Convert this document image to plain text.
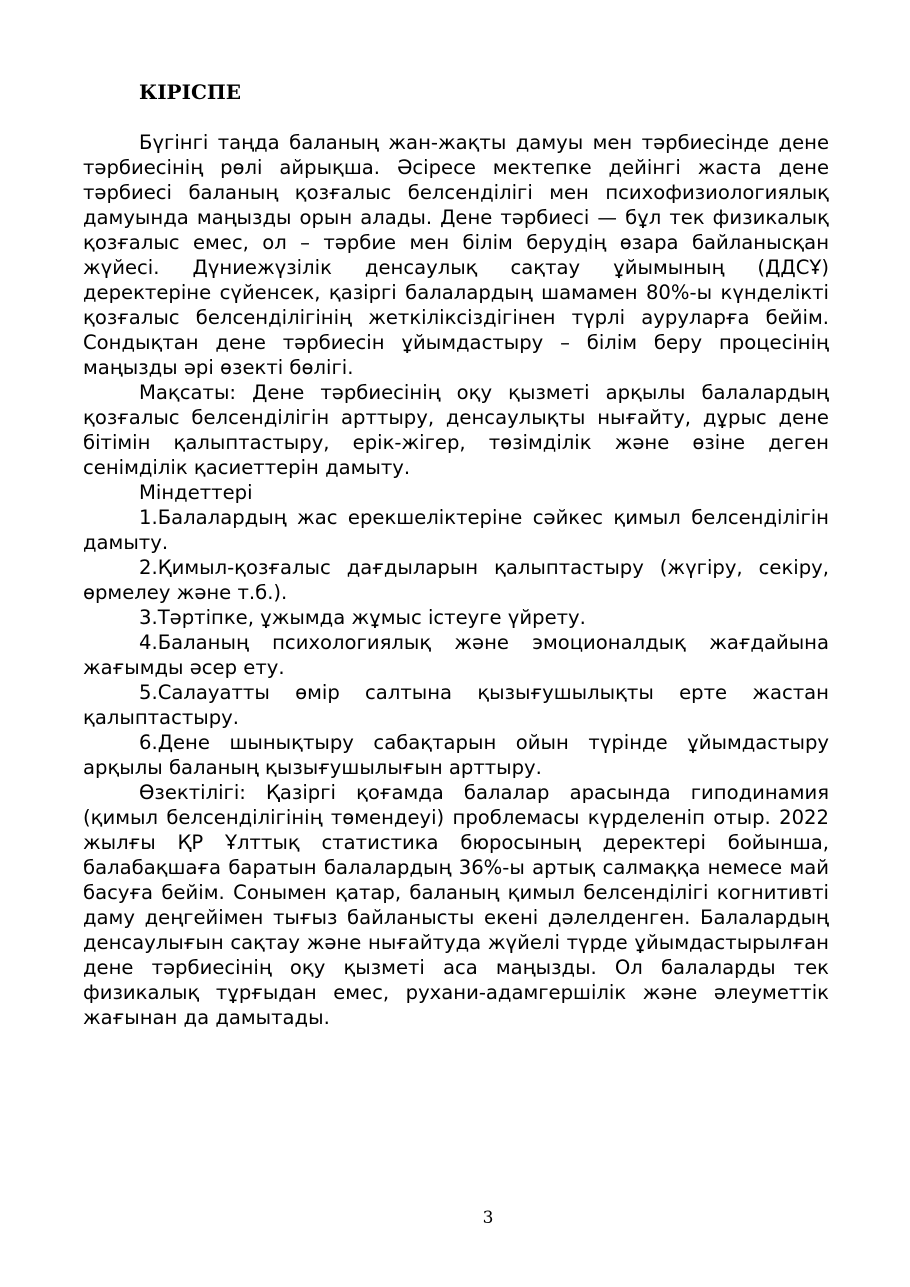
КІРІСПЕ

Бүгінгі таңда баланың жан-жақты дамуы мен тәрбиесінде дене тәрбиесінің рөлі айрықша. Әсіресе мектепке дейінгі жаста дене тәрбиесі баланың қозғалыс белсенділігі мен психофизиологиялық дамуында маңызды орын алады. Дене тәрбиесі — бұл тек физикалық қозғалыс емес, ол – тәрбие мен білім берудің өзара байланысқан жүйесі. Дүниежүзілік денсаулық сақтау ұйымының (ДДСҰ) деректеріне сүйенсек, қазіргі балалардың шамамен 80%-ы күнделікті қозғалыс белсенділігінің жеткіліксіздігінен түрлі ауруларға бейім. Сондықтан дене тәрбиесін ұйымдастыру – білім беру процесінің маңызды әрі өзекті бөлігі.

Мақсаты: Дене тәрбиесінің оқу қызметі арқылы балалардың қозғалыс белсенділігін арттыру, денсаулықты нығайту, дұрыс дене бітімін қалыптастыру, ерік-жігер, төзімділік және өзіне деген сенімділік қасиеттерін дамыту.

Міндеттері

1.Балалардың жас ерекшеліктеріне сәйкес қимыл белсенділігін дамыту.

2.Қимыл-қозғалыс дағдыларын қалыптастыру (жүгіру, секіру, өрмелеу және т.б.).

3.Тәртіпке, ұжымда жұмыс істеуге үйрету.

4.Баланың психологиялық және эмоционалдық жағдайына жағымды әсер ету.

5.Салауатты өмір салтына қызығушылықты ерте жастан қалыптастыру.

6.Дене шынықтыру сабақтарын ойын түрінде ұйымдастыру арқылы баланың қызығушылығын арттыру.

Өзектілігі: Қазіргі қоғамда балалар арасында гиподинамия (қимыл белсенділігінің төмендеуі) проблемасы күрделеніп отыр. 2022 жылғы ҚР Ұлттық статистика бюросының деректері бойынша, балабақшаға баратын балалардың 36%-ы артық салмаққа немесе май басуға бейім. Сонымен қатар, баланың қимыл белсенділігі когнитивті даму деңгейімен тығыз байланысты екені дәлелденген. Балалардың денсаулығын сақтау және нығайтуда жүйелі түрде ұйымдастырылған дене тәрбиесінің оқу қызметі аса маңызды. Ол балаларды тек физикалық тұрғыдан емес, рухани-адамгершілік және әлеуметтік жағынан да дамытады.

3
